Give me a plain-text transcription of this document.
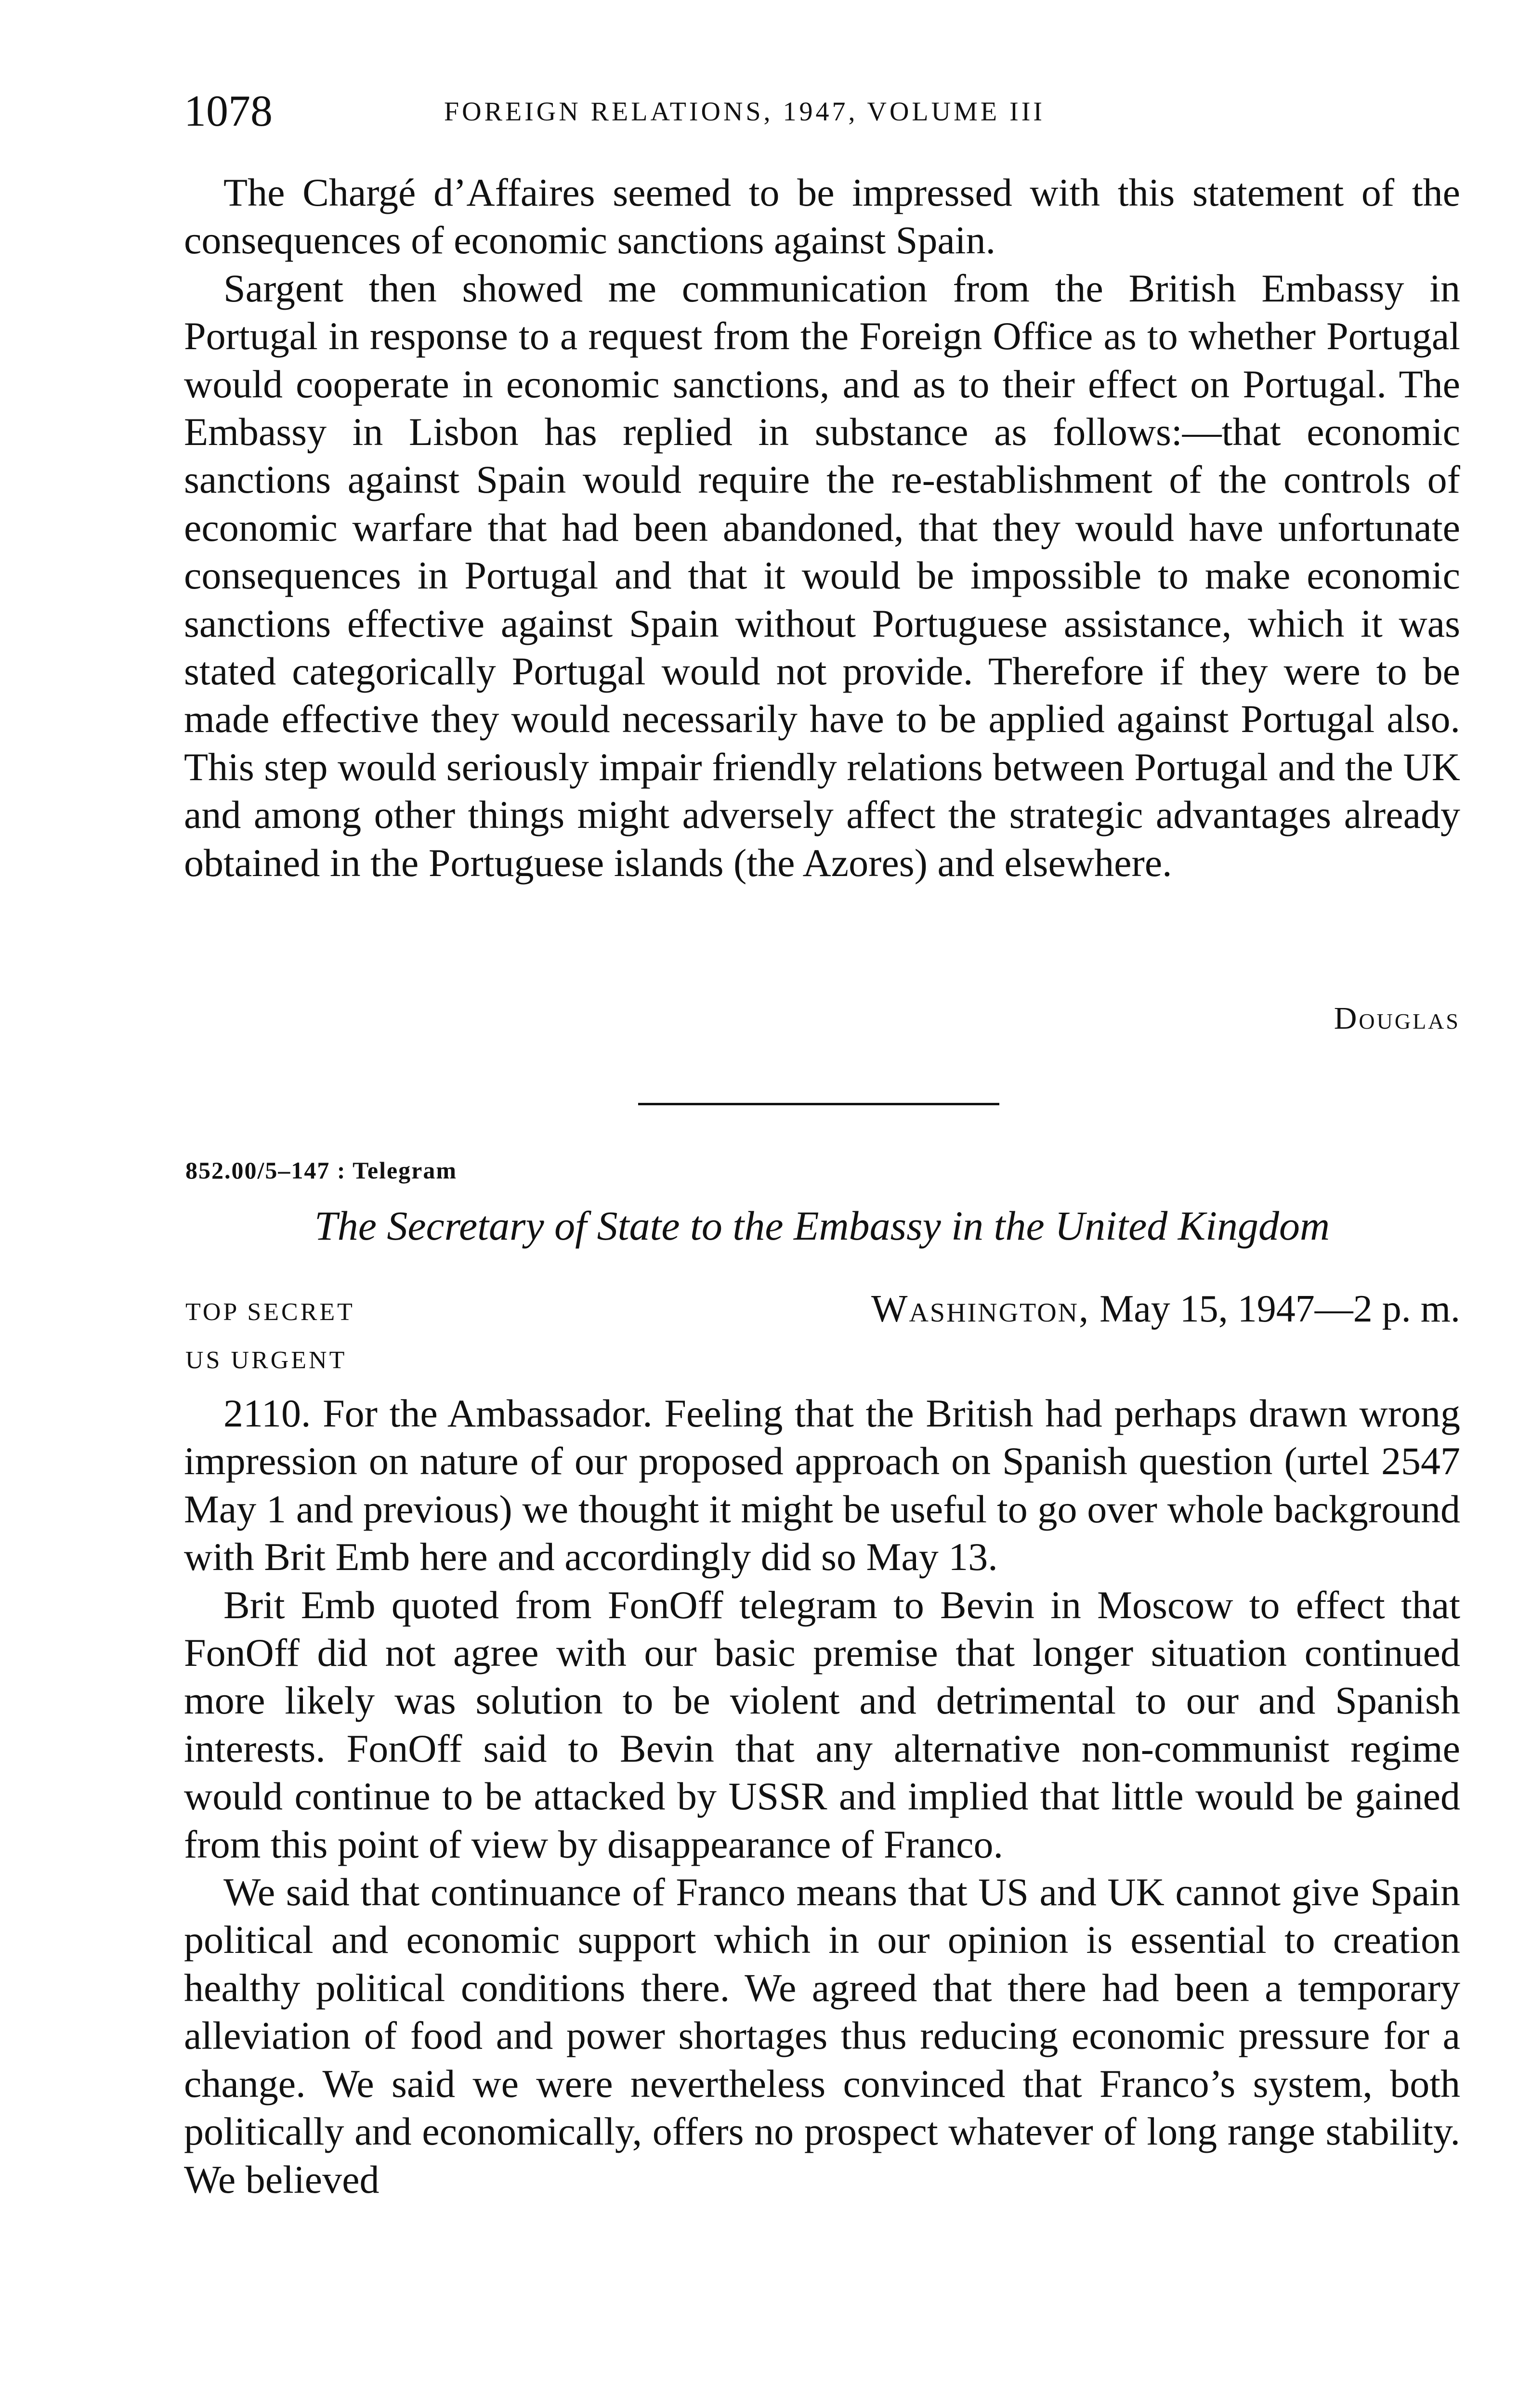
1078	FOREIGN RELATIONS, 1947, VOLUME III

The Chargé d’Affaires seemed to be impressed with this statement of the consequences of economic sanctions against Spain.

Sargent then showed me communication from the British Embassy in Portugal in response to a request from the Foreign Office as to whether Portugal would cooperate in economic sanctions, and as to their effect on Portugal. The Embassy in Lisbon has replied in substance as follows:—that economic sanctions against Spain would require the re-establishment of the controls of economic warfare that had been abandoned, that they would have unfortunate consequences in Portugal and that it would be impossible to make economic sanctions effective against Spain without Portuguese assistance, which it was stated categorically Portugal would not provide. Therefore if they were to be made effective they would necessarily have to be applied against Portugal also. This step would seriously impair friendly relations between Portugal and the UK and among other things might adversely affect the strategic advantages already obtained in the Portuguese islands (the Azores) and elsewhere.

Douglas
852.00/5–147 : Telegram
The Secretary of State to the Embassy in the United Kingdom
TOP SECRET
US URGENT
Washington, May 15, 1947—2 p. m.

2110. For the Ambassador. Feeling that the British had perhaps drawn wrong impression on nature of our proposed approach on Spanish question (urtel 2547 May 1 and previous) we thought it might be useful to go over whole background with Brit Emb here and accordingly did so May 13.

Brit Emb quoted from FonOff telegram to Bevin in Moscow to effect that FonOff did not agree with our basic premise that longer situation continued more likely was solution to be violent and detrimental to our and Spanish interests. FonOff said to Bevin that any alternative non-communist regime would continue to be attacked by USSR and implied that little would be gained from this point of view by disappearance of Franco.

We said that continuance of Franco means that US and UK cannot give Spain political and economic support which in our opinion is essential to creation healthy political conditions there. We agreed that there had been a temporary alleviation of food and power shortages thus reducing economic pressure for a change. We said we were nevertheless convinced that Franco’s system, both politically and economically, offers no prospect whatever of long range stability. We believed
